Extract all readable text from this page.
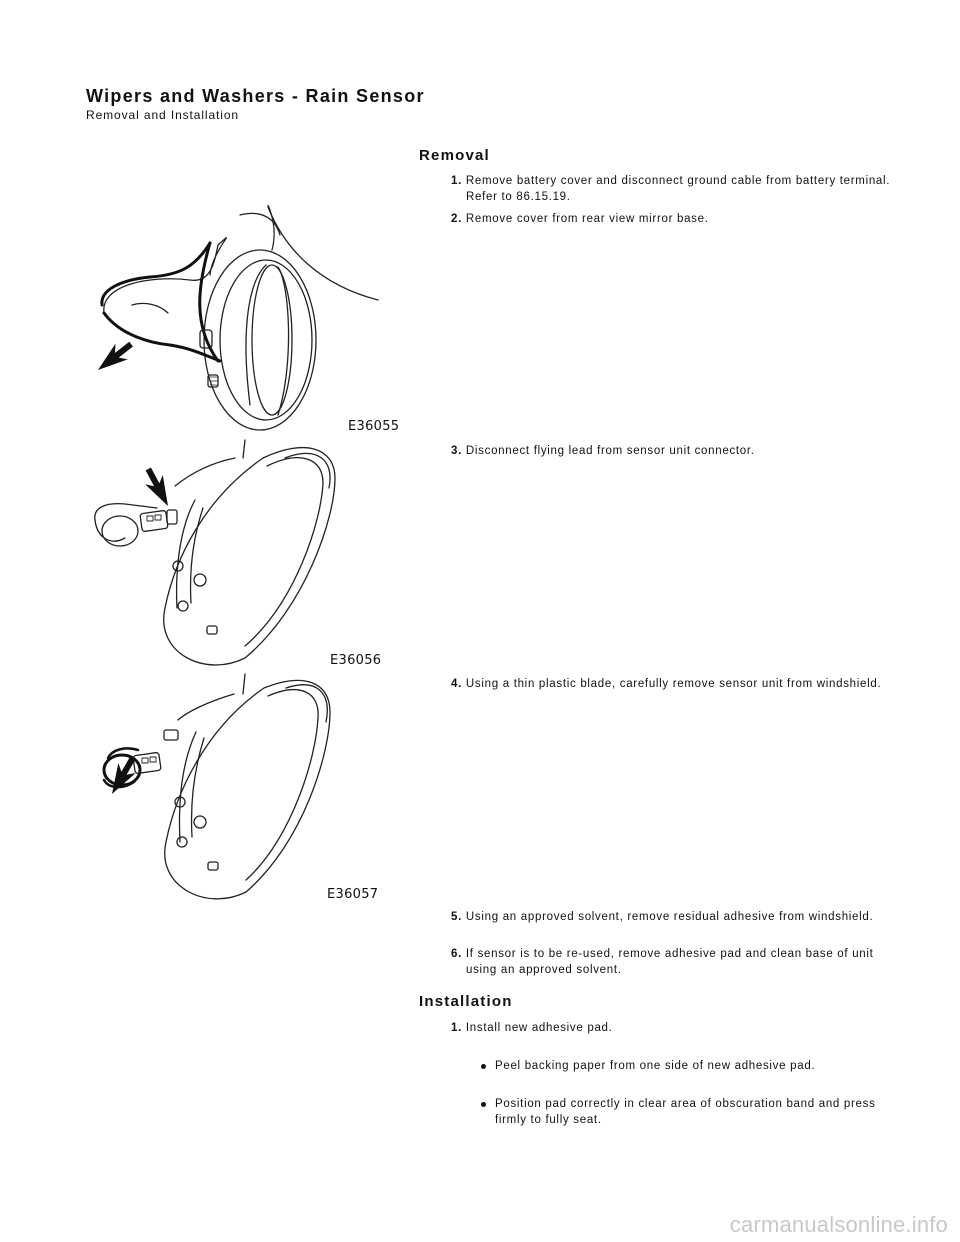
Wipers and Washers - Rain Sensor
Removal and Installation
Removal
1. Remove battery cover and disconnect ground cable from battery terminal. Refer to 86.15.19.
2. Remove cover from rear view mirror base.
3. Disconnect flying lead from sensor unit connector.
4. Using a thin plastic blade, carefully remove sensor unit from windshield.
5. Using an approved solvent, remove residual adhesive from windshield.
6. If sensor is to be re-used, remove adhesive pad and clean base of unit using an approved solvent.
Installation
1. Install new adhesive pad.
Peel backing paper from one side of new adhesive pad.
Position pad correctly in clear area of obscuration band and press firmly to fully seat.
E36055
E36056
E36057
carmanualsonline.info
